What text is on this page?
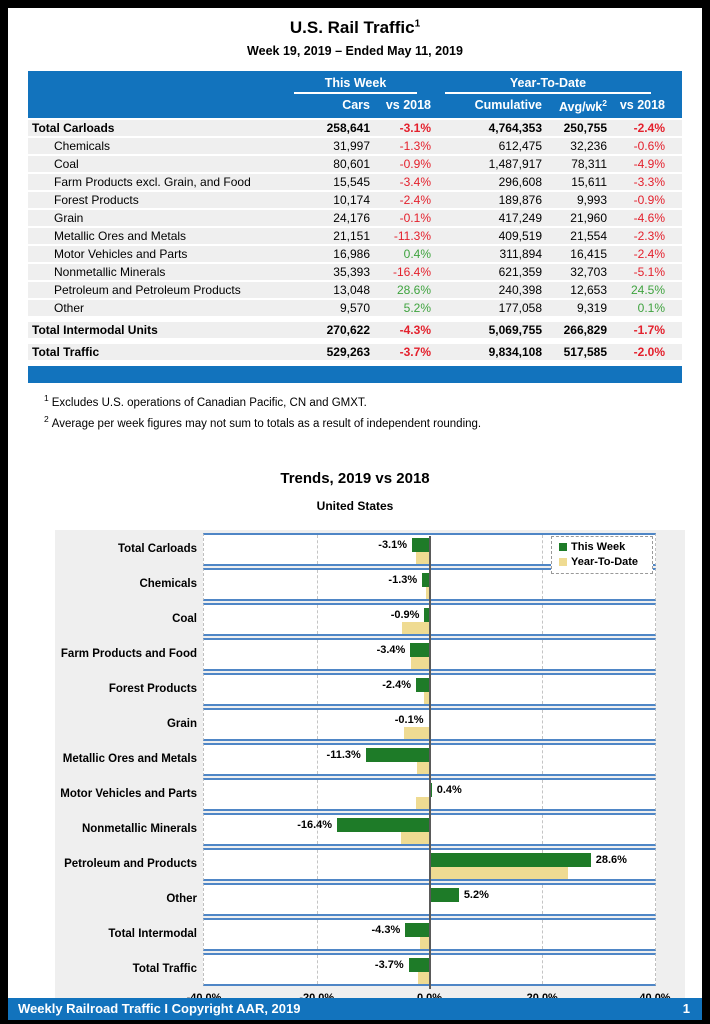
U.S. Rail Traffic$^1$
Week 19, 2019 – Ended May 11, 2019
This Week	Year-To-Date
Cars	vs 2018	Cumulative	Avg/$wk^2$	vs 2018
Total Carloads	258,641	-3.1%	4,764,353	250,755	-2.4%
Chemicals	31,997	-1.3%	612,475	32,236	-0.6%
Coal	80,601	-0.9%	1,487,917	78,311	-4.9%
Farm Products excl. Grain, and Food	15,545	-3.4%	296,608	15,611	-3.3%
Forest Products	10,174	-2.4%	189,876	9,993	-0.9%
Grain	24,176	-0.1%	417,249	21,960	-4.6%
Metallic Ores and Metals	21,151	-11.3%	409,519	21,554	-2.3%
Motor Vehicles and Parts	16,986	0.4%	311,894	16,415	-2.4%
Nonmetallic Minerals	35,393	-16.4%	621,359	32,703	-5.1%
Petroleum and Petroleum Products	13,048	28.6%	240,398	12,653	24.5%
Other	9,570	5.2%	177,058	9,319	0.1%
Total Intermodal Units	270,622	-4.3%	5,069,755	266,829	-1.7%
Total Traffic	529,263	-3.7%	9,834,108	517,585	-2.0%
$^1$ Excludes U.S. operations of Canadian Pacific, CN and GMXT.
$^2$ Average per week figures may not sum to totals as a result of independent rounding.
Trends, 2019 vs 2018
United States
Total Carloads	-3.1%
Chemicals	-1.3%
Coal	-0.9%
Farm Products and Food	-3.4%
Forest Products	-2.4%
Grain	-0.1%
Metallic Ores and Metals	-11.3%
Motor Vehicles and Parts	0.4%
Nonmetallic Minerals	-16.4%
Petroleum and Products	28.6%
Other	5.2%
Total Intermodal	-4.3%
Total Traffic	-3.7%
This Week
Year-To-Date
Weekly Railroad Traffic I Copyright AAR, 2019	1
